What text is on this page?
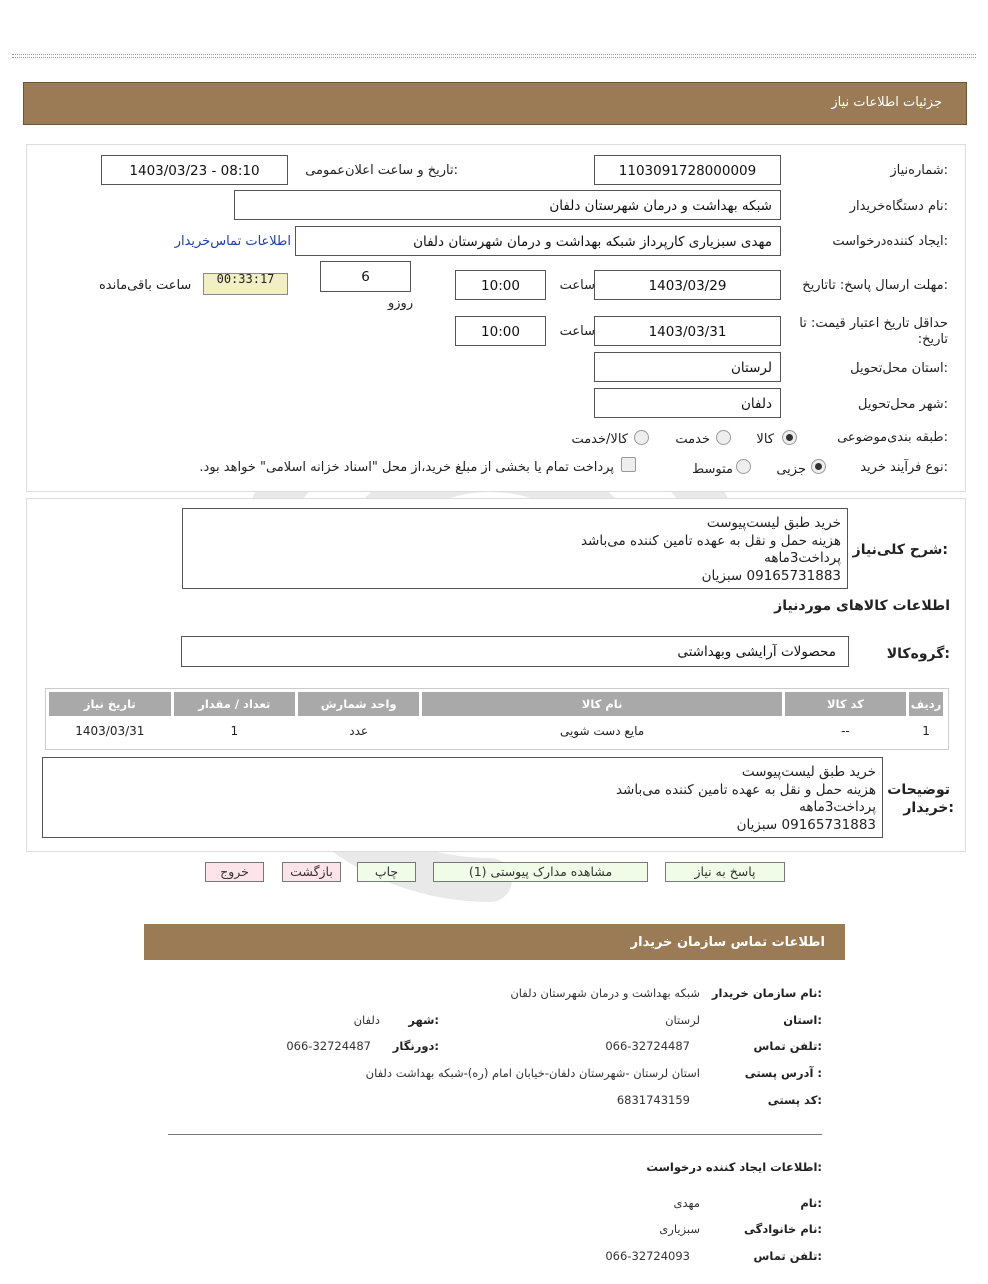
جزئیات اطلاعات نیاز
شماره‌نیاز:
1103091728000009
تاریخ و ساعت اعلان‌عمومی:
1403/03/23 - 08:10
نام دستگاه‌خریدار:
شبکه بهداشت و درمان شهرستان دلفان
ایجاد کننده‌درخواست:
مهدی سبزیاری کارپرداز شبکه بهداشت و درمان شهرستان دلفان
اطلاعات تماس‌خریدار
مهلت ارسال پاسخ: تاتاریخ:
1403/03/29
ساعت
10:00
6
روزو
00:33:17
ساعت باقی‌مانده
حداقل تاریخ اعتبار قیمت: تا تاریخ:
1403/03/31
ساعت
10:00
استان محل‌تحویل:
لرستان
شهر محل‌تحویل:
دلفان
طبقه بندی‌موضوعی:
کالا
خدمت
کالا/خدمت
نوع فرآیند خرید:
جزیی
متوسط
پرداخت تمام یا بخشی از مبلغ خرید،از محل "اسناد خزانه اسلامی" خواهد بود.
شرح کلی‌نیاز:
خرید طبق لیست‌پیوست
هزینه حمل و نقل به عهده تامین کننده می‌باشد
پرداخت3ماهه
09165731883 سبزیان
اطلاعات کالاهای موردنیاز
گروه‌کالا:
محصولات آرایشی وبهداشتی
ردیف	کد کالا	نام کالا	واحد شمارش	تعداد / مقدار	تاریخ نیاز
1	--	مایع دست شویی	عدد	1	1403/03/31
توضیحات
خریدار:
خرید طبق لیست‌پیوست
هزینه حمل و نقل به عهده تامین کننده می‌باشد
پرداخت3ماهه
09165731883 سبزیان
پاسخ به نیاز
مشاهده مدارک پیوستی (1)
چاپ
بازگشت
خروج
اطلاعات تماس سازمان خریدار
نام سازمان خریدار:
شبکه بهداشت و درمان شهرستان دلفان
استان:
لرستان
شهر:
دلفان
تلفن تماس:
066-32724487
دورنگار:
066-32724487
آدرس پستی :
استان لرستان -شهرستان دلفان-خیابان امام (ره)-شبکه بهداشت دلفان
کد پستی:
6831743159
اطلاعات ایجاد کننده درخواست:
نام:
مهدی
نام خانوادگی:
سبزیاری
تلفن تماس:
066-32724093
